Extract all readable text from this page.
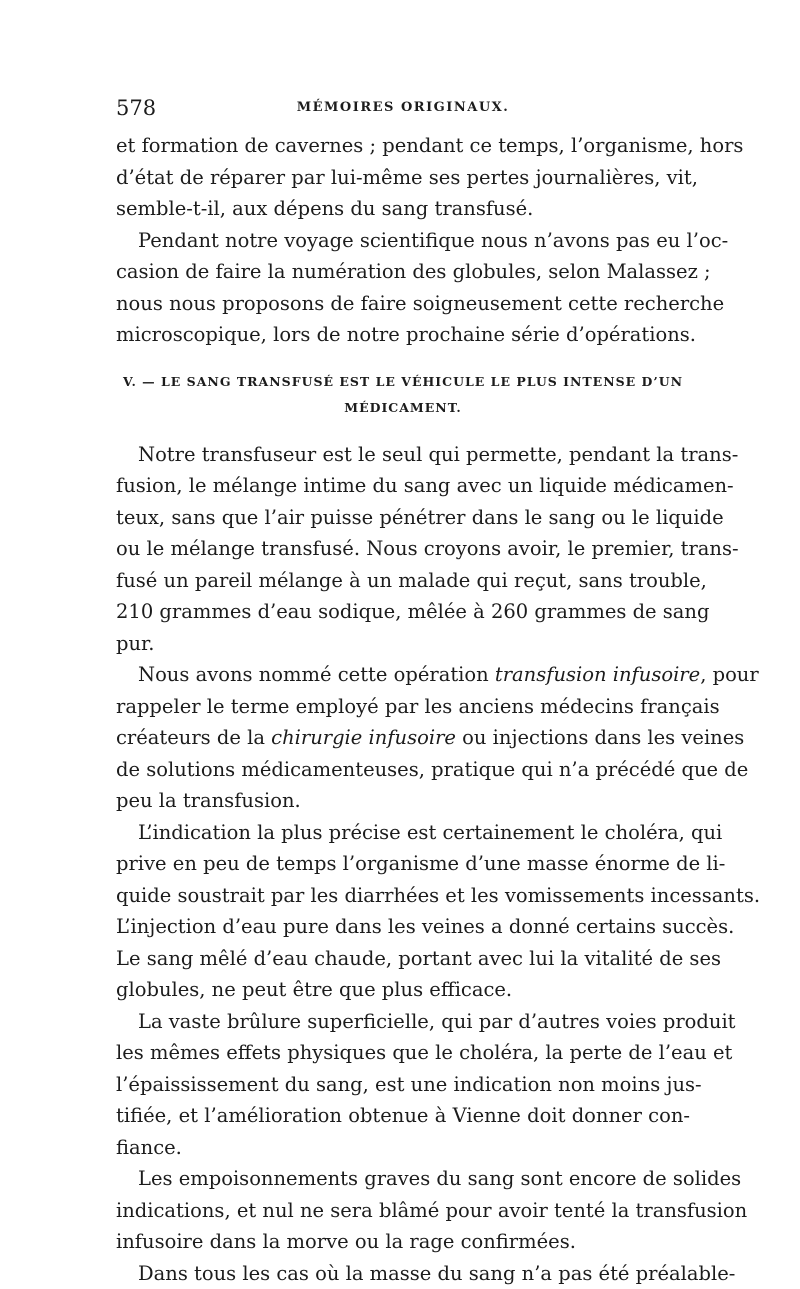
578	MÉMOIRES ORIGINAUX.
et formation de cavernes ; pendant ce temps, l’organisme, hors
d’état de réparer par lui-même ses pertes journalières, vit,
semble-t-il, aux dépens du sang transfusé.
Pendant notre voyage scientifique nous n’avons pas eu l’oc-
casion de faire la numération des globules, selon Malassez ;
nous nous proposons de faire soigneusement cette recherche
microscopique, lors de notre prochaine série d’opérations.
V. — LE SANG TRANSFUSÉ EST LE VÉHICULE LE PLUS INTENSE D’UN
MÉDICAMENT.
Notre transfuseur est le seul qui permette, pendant la trans-
fusion, le mélange intime du sang avec un liquide médicamen-
teux, sans que l’air puisse pénétrer dans le sang ou le liquide
ou le mélange transfusé. Nous croyons avoir, le premier, trans-
fusé un pareil mélange à un malade qui reçut, sans trouble,
210 grammes d’eau sodique, mêlée à 260 grammes de sang
pur.
Nous avons nommé cette opération transfusion infusoire, pour
rappeler le terme employé par les anciens médecins français
créateurs de la chirurgie infusoire ou injections dans les veines
de solutions médicamenteuses, pratique qui n’a précédé que de
peu la transfusion.
L’indication la plus précise est certainement le choléra, qui
prive en peu de temps l’organisme d’une masse énorme de li-
quide soustrait par les diarrhées et les vomissements incessants.
L’injection d’eau pure dans les veines a donné certains succès.
Le sang mêlé d’eau chaude, portant avec lui la vitalité de ses
globules, ne peut être que plus efficace.
La vaste brûlure superficielle, qui par d’autres voies produit
les mêmes effets physiques que le choléra, la perte de l’eau et
l’épaississement du sang, est une indication non moins jus-
tifiée, et l’amélioration obtenue à Vienne doit donner con-
fiance.
Les empoisonnements graves du sang sont encore de solides
indications, et nul ne sera blâmé pour avoir tenté la transfusion
infusoire dans la morve ou la rage confirmées.
Dans tous les cas où la masse du sang n’a pas été préalable-
